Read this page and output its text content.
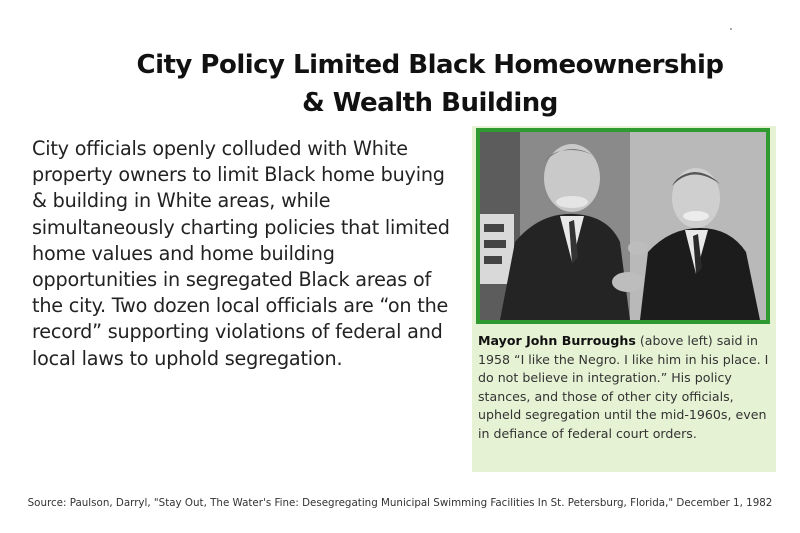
City Policy Limited Black Homeownership
& Wealth Building
City officials openly colluded with White property owners to limit Black home buying & building in White areas, while simultaneously charting policies that limited home values and home building opportunities in segregated Black areas of the city. Two dozen local officials are “on the record” supporting violations of federal and local laws to uphold segregation.
Mayor John Burroughs (above left) said in 1958 “I like the Negro. I like him in his place. I do not believe in integration.” His policy stances, and those of other city officials, upheld segregation until the mid-1960s, even in defiance of federal court orders.
Source: Paulson, Darryl, "Stay Out, The Water's Fine: Desegregating Municipal Swimming Facilities In St. Petersburg, Florida," December 1, 1982
